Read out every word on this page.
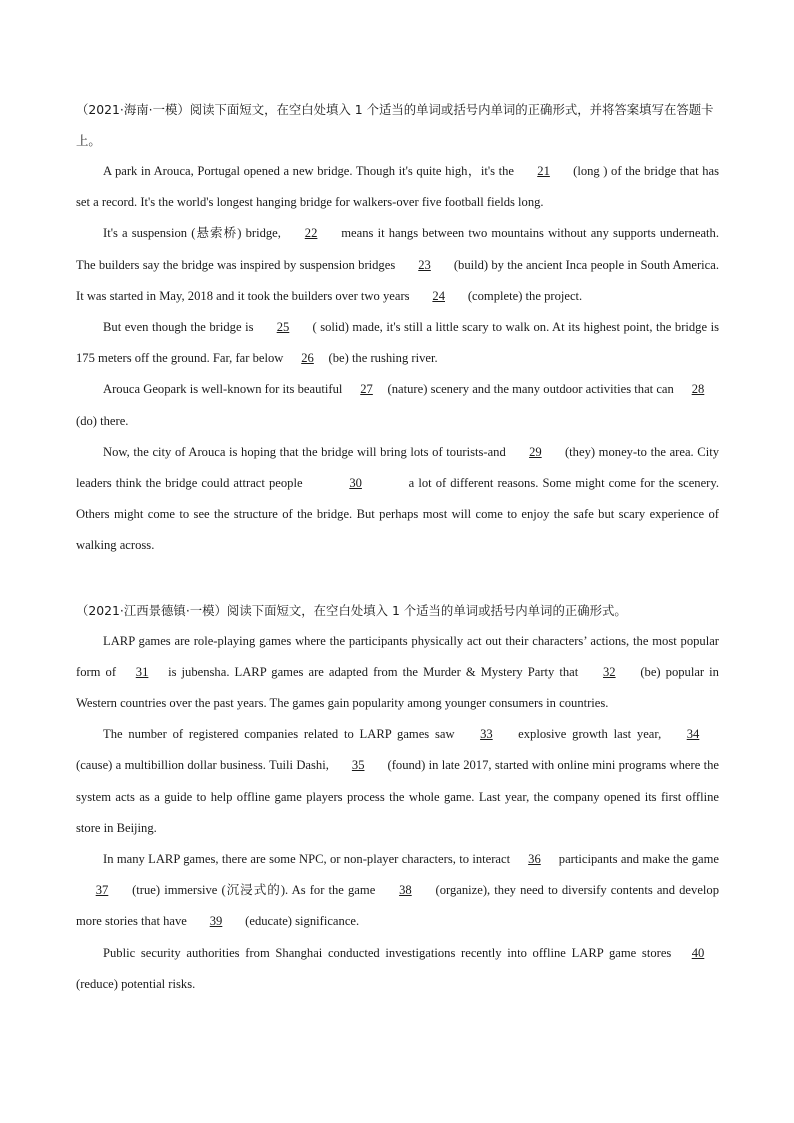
（2021·海南·一模）阅读下面短文，在空白处填入 1 个适当的单词或括号内单词的正确形式，并将答案填写在答题卡上。

A park in Arouca, Portugal opened a new bridge. Though it's quite high，it's the 21 (long ) of the bridge that has set a record. It's the world's longest hanging bridge for walkers-over five football fields long.

It's a suspension (悬索桥) bridge, 22 means it hangs between two mountains without any supports underneath. The builders say the bridge was inspired by suspension bridges 23 (build) by the ancient Inca people in South America. It was started in May, 2018 and it took the builders over two years 24 (complete) the project.

But even though the bridge is 25 ( solid) made, it's still a little scary to walk on. At its highest point, the bridge is 175 meters off the ground. Far, far below 26 (be) the rushing river.

Arouca Geopark is well-known for its beautiful 27 (nature) scenery and the many outdoor activities that can 28(do) there.

Now, the city of Arouca is hoping that the bridge will bring lots of tourists-and 29 (they) money-to the area. City leaders think the bridge could attract people	30	a lot of different reasons. Some might come for the scenery. Others might come to see the structure of the bridge. But perhaps most will come to enjoy the safe but scary experience of walking across.

（2021·江西景德镇·一模）阅读下面短文，在空白处填入 1 个适当的单词或括号内单词的正确形式。

LARP games are role-playing games where the participants physically act out their characters’ actions, the most popular form of 31 is jubensha. LARP games are adapted from the Murder & Mystery Party that 32 (be) popular in Western countries over the past years. The games gain popularity among younger consumers in countries.

The number of registered companies related to LARP games saw 33 explosive growth last year, 34 (cause) a multibillion dollar business. Tuili Dashi, 35 (found) in late 2017, started with online mini programs where the system acts as a guide to help offline game players process the whole game. Last year, the company opened its first offline store in Beijing.

In many LARP games, there are some NPC, or non-player characters, to interact 36 participants and make the game 37 (true) immersive (沉浸式的). As for the game 38 (organize), they need to diversify contents and develop more stories that have 39 (educate) significance.

Public security authorities from Shanghai conducted investigations recently into offline LARP game stores 40 (reduce) potential risks.
